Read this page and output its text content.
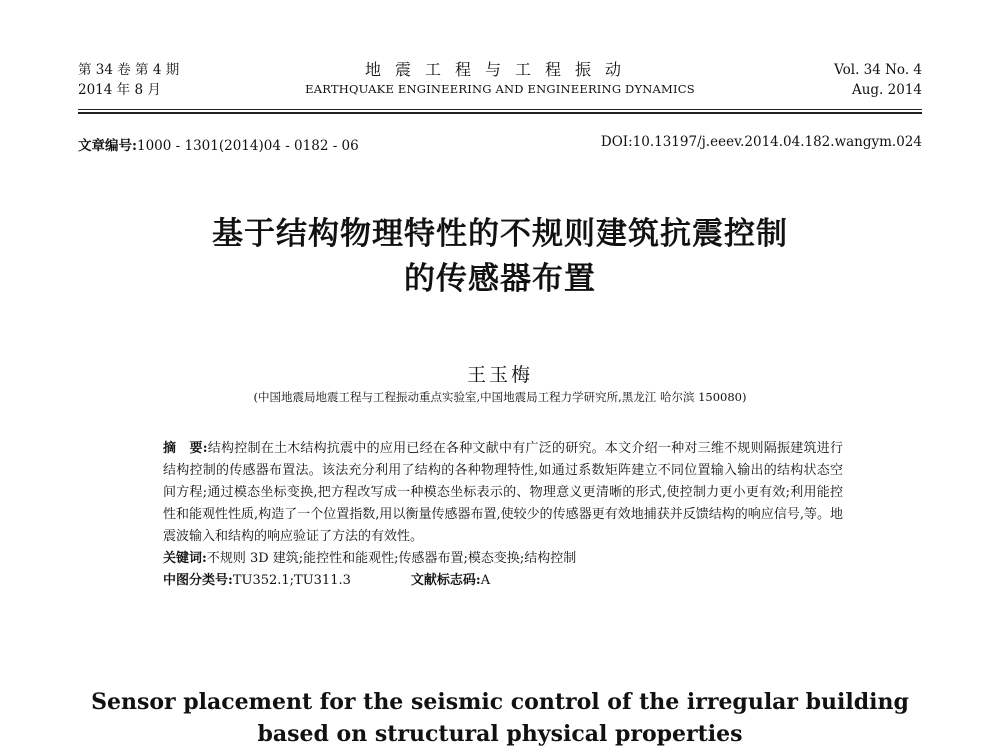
第 34 卷 第 4 期
2014 年 8 月
地震工程与工程振动
EARTHQUAKE ENGINEERING AND ENGINEERING DYNAMICS
Vol. 34 No. 4
Aug. 2014
文章编号:1000 - 1301(2014)04 - 0182 - 06	DOI:10.13197/j.eeev.2014.04.182.wangym.024
基于结构物理特性的不规则建筑抗震控制
的传感器布置
王玉梅
(中国地震局地震工程与工程振动重点实验室,中国地震局工程力学研究所,黑龙江 哈尔滨 150080)
摘　要:结构控制在土木结构抗震中的应用已经在各种文献中有广泛的研究。本文介绍一种对三维不规则隔振建筑进行结构控制的传感器布置法。该法充分利用了结构的各种物理特性,如通过系数矩阵建立不同位置输入输出的结构状态空间方程;通过模态坐标变换,把方程改写成一种模态坐标表示的、物理意义更清晰的形式,使控制力更小更有效;利用能控性和能观性性质,构造了一个位置指数,用以衡量传感器布置,使较少的传感器更有效地捕获并反馈结构的响应信号,等。地震波输入和结构的响应验证了方法的有效性。
关键词:不规则 3D 建筑;能控性和能观性;传感器布置;模态变换;结构控制
中图分类号:TU352.1;TU311.3	文献标志码:A
Sensor placement for the seismic control of the irregular building
based on structural physical properties
